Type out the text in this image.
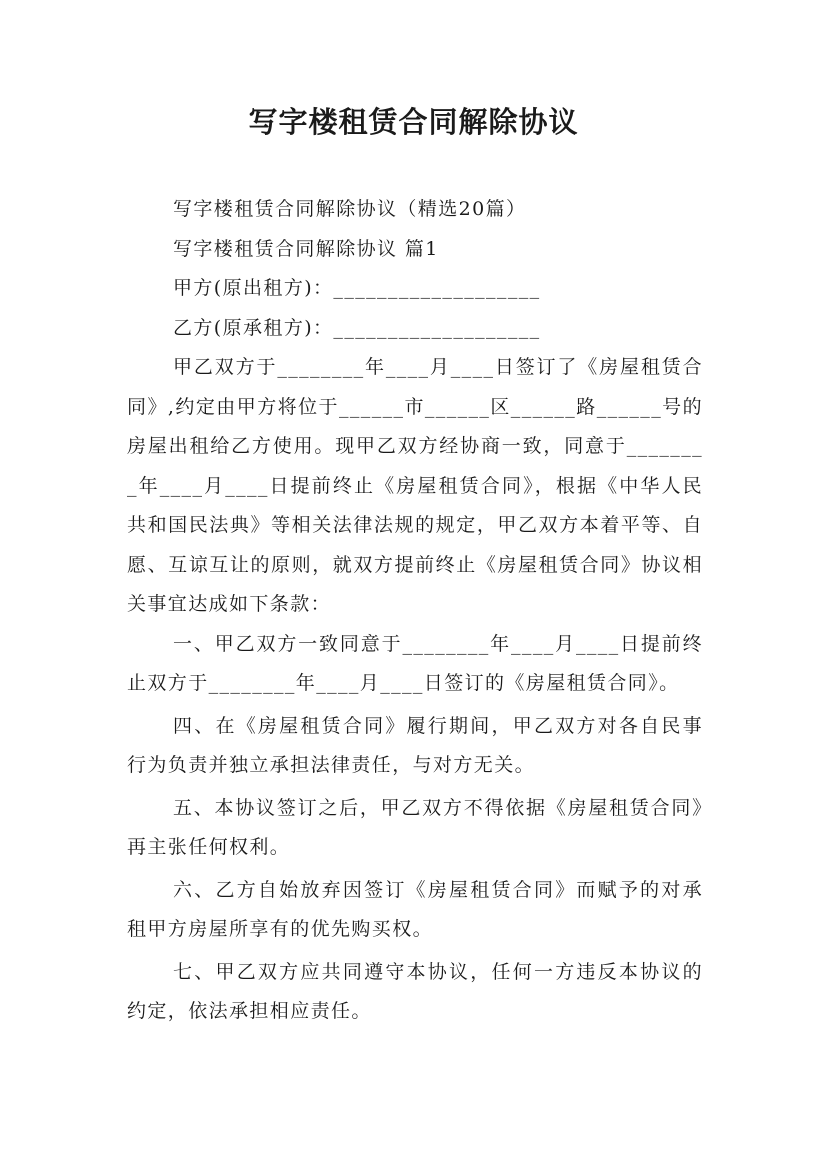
写字楼租赁合同解除协议

写字楼租赁合同解除协议（精选20篇）

写字楼租赁合同解除协议 篇1

甲方(原出租方)：___________________

乙方(原承租方)：___________________

甲乙双方于________年____月____日签订了《房屋租赁合同》,约定由甲方将位于______市______区______路______号的房屋出租给乙方使用。现甲乙双方经协商一致，同意于________年____月____日提前终止《房屋租赁合同》，根据《中华人民共和国民法典》等相关法律法规的规定，甲乙双方本着平等、自愿、互谅互让的原则，就双方提前终止《房屋租赁合同》协议相关事宜达成如下条款：

一、甲乙双方一致同意于________年____月____日提前终止双方于________年____月____日签订的《房屋租赁合同》。

四、在《房屋租赁合同》履行期间，甲乙双方对各自民事行为负责并独立承担法律责任，与对方无关。

五、本协议签订之后，甲乙双方不得依据《房屋租赁合同》再主张任何权利。

六、乙方自始放弃因签订《房屋租赁合同》而赋予的对承租甲方房屋所享有的优先购买权。

七、甲乙双方应共同遵守本协议，任何一方违反本协议的约定，依法承担相应责任。
